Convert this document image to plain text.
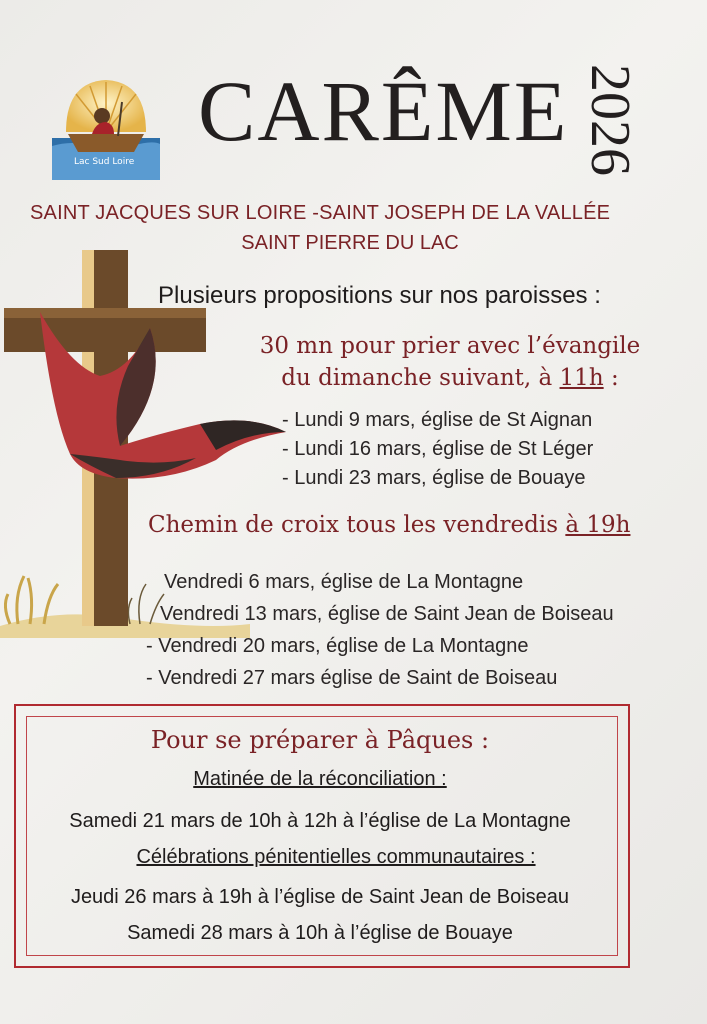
Lac Sud Loire
CARÊME 2026
SAINT JACQUES SUR LOIRE -SAINT JOSEPH DE LA VALLÉE
SAINT PIERRE DU LAC
Plusieurs propositions sur nos paroisses :
30 mn pour prier avec l’évangile
du dimanche suivant, à 11h :
- Lundi 9 mars, église de St Aignan
- Lundi 16 mars, église de St Léger
- Lundi 23 mars, église de Bouaye
Chemin de croix tous les vendredis à 19h
Vendredi 6 mars, église de La Montagne
Vendredi 13 mars, église de Saint Jean de Boiseau
- Vendredi 20 mars, église de La Montagne
- Vendredi 27 mars église de Saint de Boiseau
Pour se préparer à Pâques :
Matinée de la réconciliation :
Samedi 21 mars de 10h à 12h à l’église de La Montagne
Célébrations pénitentielles communautaires :
Jeudi 26 mars à 19h à l’église de Saint Jean de Boiseau
Samedi 28 mars à 10h à l’église de Bouaye
